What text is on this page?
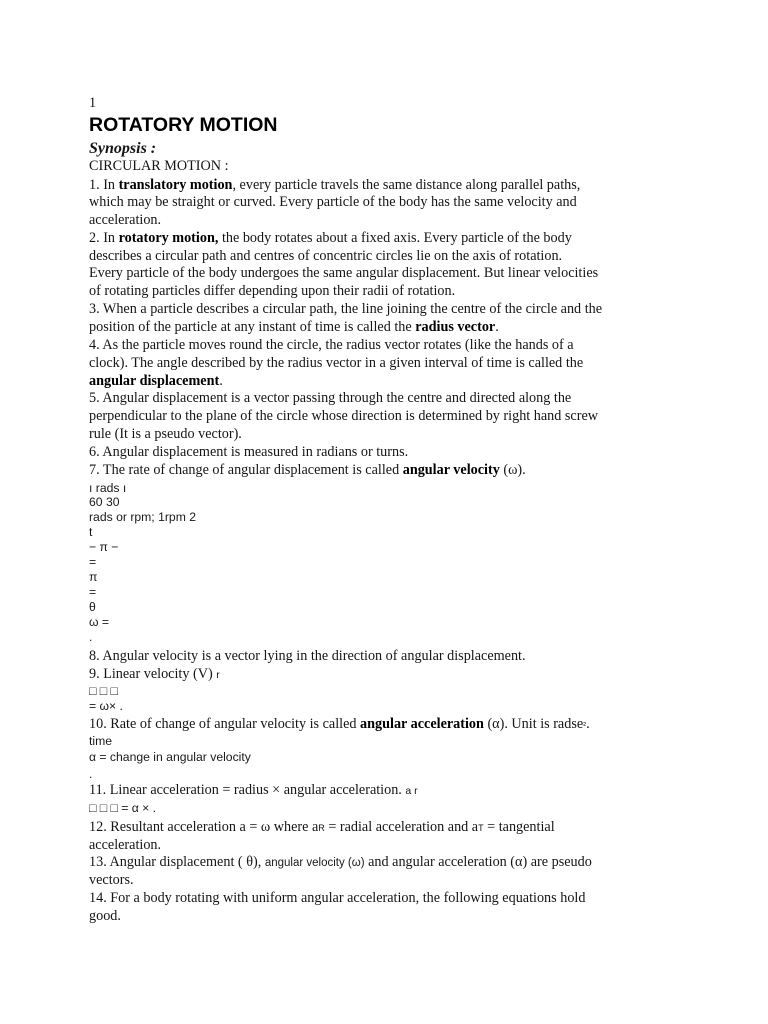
1
ROTATORY MOTION
Synopsis :
CIRCULAR MOTION :
1. In translatory motion, every particle travels the same distance along parallel paths,
which may be straight or curved. Every particle of the body has the same velocity and
acceleration.
2. In rotatory motion, the body rotates about a fixed axis. Every particle of the body
describes a circular path and centres of concentric circles lie on the axis of rotation.
Every particle of the body undergoes the same angular displacement. But linear velocities
of rotating particles differ depending upon their radii of rotation.
3. When a particle describes a circular path, the line joining the centre of the circle and the
position of the particle at any instant of time is called the radius vector.
4. As the particle moves round the circle, the radius vector rotates (like the hands of a
clock). The angle described by the radius vector in a given interval of time is called the
angular displacement.
5. Angular displacement is a vector passing through the centre and directed along the
perpendicular to the plane of the circle whose direction is determined by right hand screw
rule (It is a pseudo vector).
6. Angular displacement is measured in radians or turns.
7. The rate of change of angular displacement is called angular velocity (ω).
ı rads ı
60 30
rads or rpm; 1rpm 2
t
− π −
=
π
=
θ
ω =
.
8. Angular velocity is a vector lying in the direction of angular displacement.
9. Linear velocity (V) r
□ □ □
= ω× .
10. Rate of change of angular velocity is called angular acceleration (α). Unit is radse².
time
α = change in angular velocity
.
11. Linear acceleration = radius × angular acceleration. a r
□ □ □ = α × .
12. Resultant acceleration a = ω where aR = radial acceleration and aT = tangential
acceleration.
13. Angular displacement ( θ), angular velocity (ω) and angular acceleration (α) are pseudo
vectors.
14. For a body rotating with uniform angular acceleration, the following equations hold
good.
